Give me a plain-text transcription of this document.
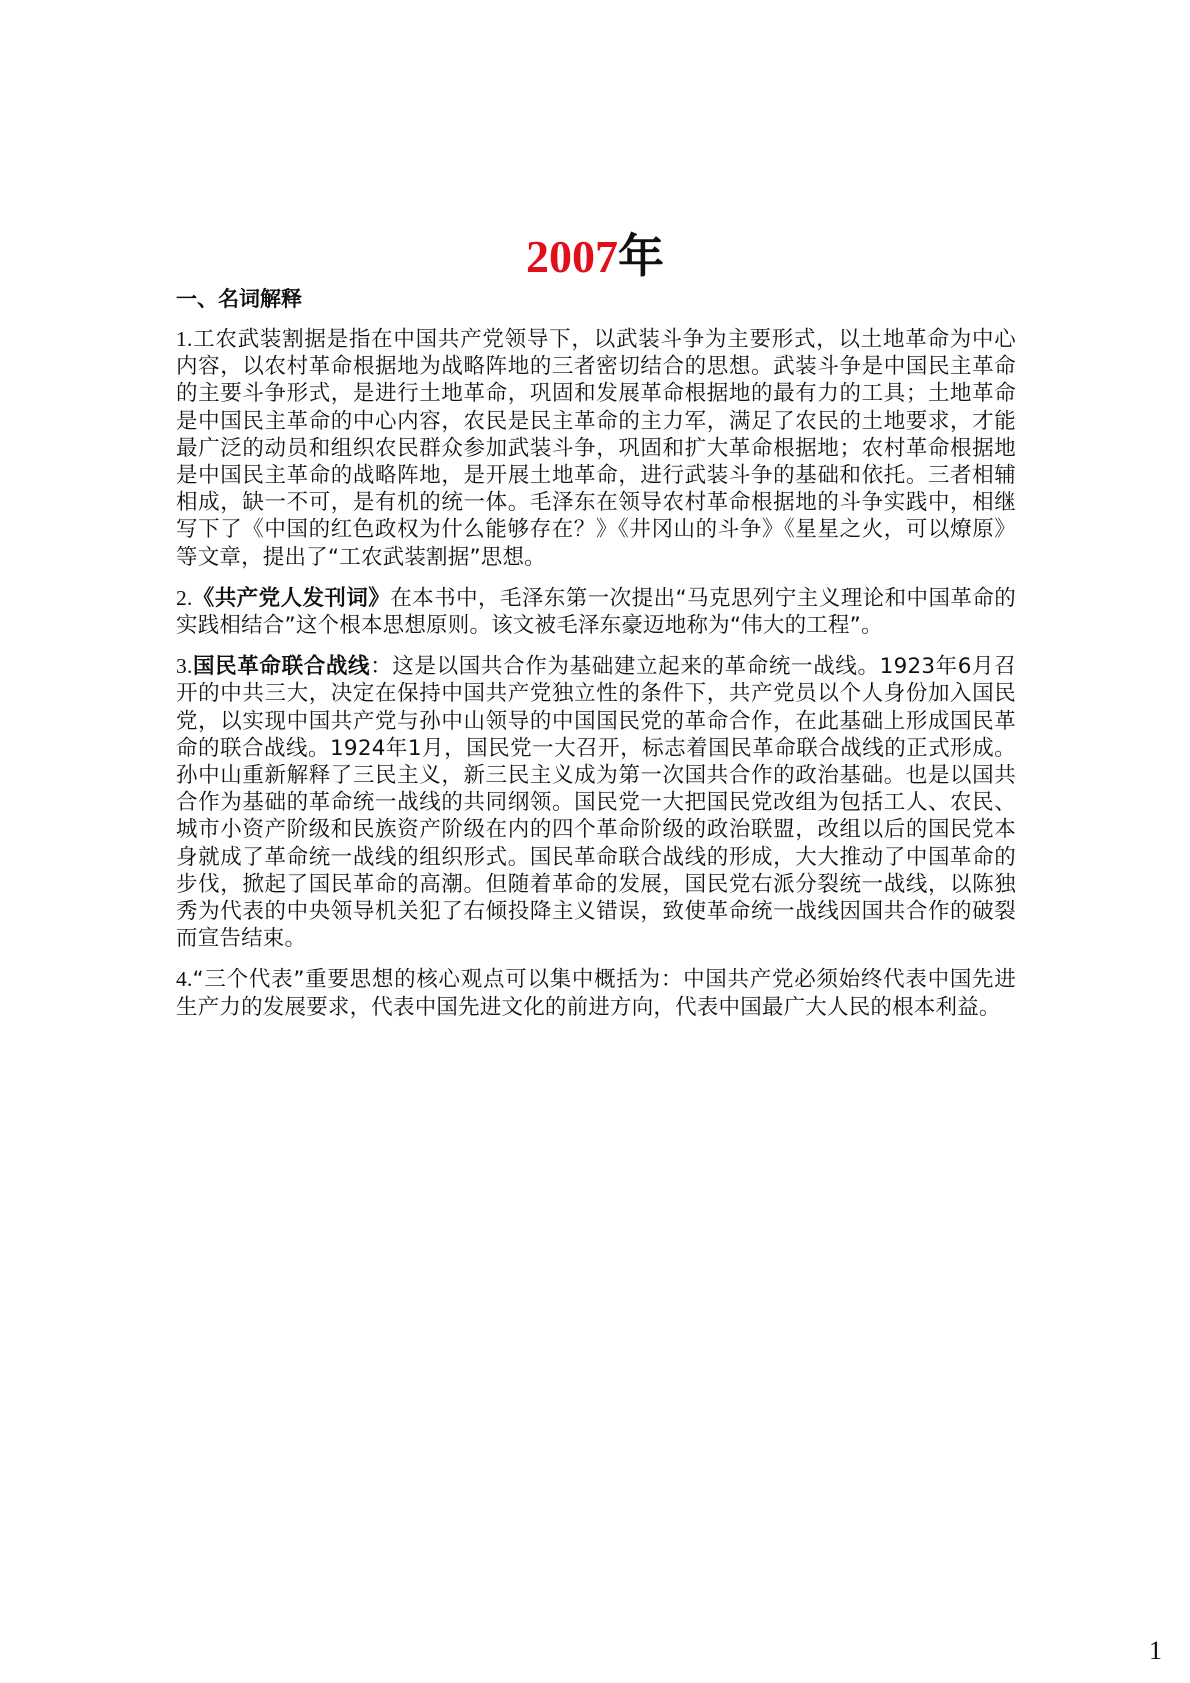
2007年
一、名词解释

1.工农武装割据是指在中国共产党领导下，以武装斗争为主要形式，以土地革命为中心内容，以农村革命根据地为战略阵地的三者密切结合的思想。武装斗争是中国民主革命的主要斗争形式，是进行土地革命，巩固和发展革命根据地的最有力的工具；土地革命是中国民主革命的中心内容，农民是民主革命的主力军，满足了农民的土地要求，才能最广泛的动员和组织农民群众参加武装斗争，巩固和扩大革命根据地；农村革命根据地是中国民主革命的战略阵地，是开展土地革命，进行武装斗争的基础和依托。三者相辅相成，缺一不可，是有机的统一体。毛泽东在领导农村革命根据地的斗争实践中，相继写下了《中国的红色政权为什么能够存在？》《井冈山的斗争》《星星之火，可以燎原》等文章，提出了“工农武装割据”思想。

2.《共产党人发刊词》在本书中，毛泽东第一次提出“马克思列宁主义理论和中国革命的实践相结合”这个根本思想原则。该文被毛泽东豪迈地称为“伟大的工程”。

3.国民革命联合战线：这是以国共合作为基础建立起来的革命统一战线。1923年6月召开的中共三大，决定在保持中国共产党独立性的条件下，共产党员以个人身份加入国民党，以实现中国共产党与孙中山领导的中国国民党的革命合作，在此基础上形成国民革命的联合战线。1924年1月，国民党一大召开，标志着国民革命联合战线的正式形成。孙中山重新解释了三民主义，新三民主义成为第一次国共合作的政治基础。也是以国共合作为基础的革命统一战线的共同纲领。国民党一大把国民党改组为包括工人、农民、城市小资产阶级和民族资产阶级在内的四个革命阶级的政治联盟，改组以后的国民党本身就成了革命统一战线的组织形式。国民革命联合战线的形成，大大推动了中国革命的步伐，掀起了国民革命的高潮。但随着革命的发展，国民党右派分裂统一战线，以陈独秀为代表的中央领导机关犯了右倾投降主义错误，致使革命统一战线因国共合作的破裂而宣告结束。

4.“三个代表”重要思想的核心观点可以集中概括为：中国共产党必须始终代表中国先进生产力的发展要求，代表中国先进文化的前进方向，代表中国最广大人民的根本利益。

1
